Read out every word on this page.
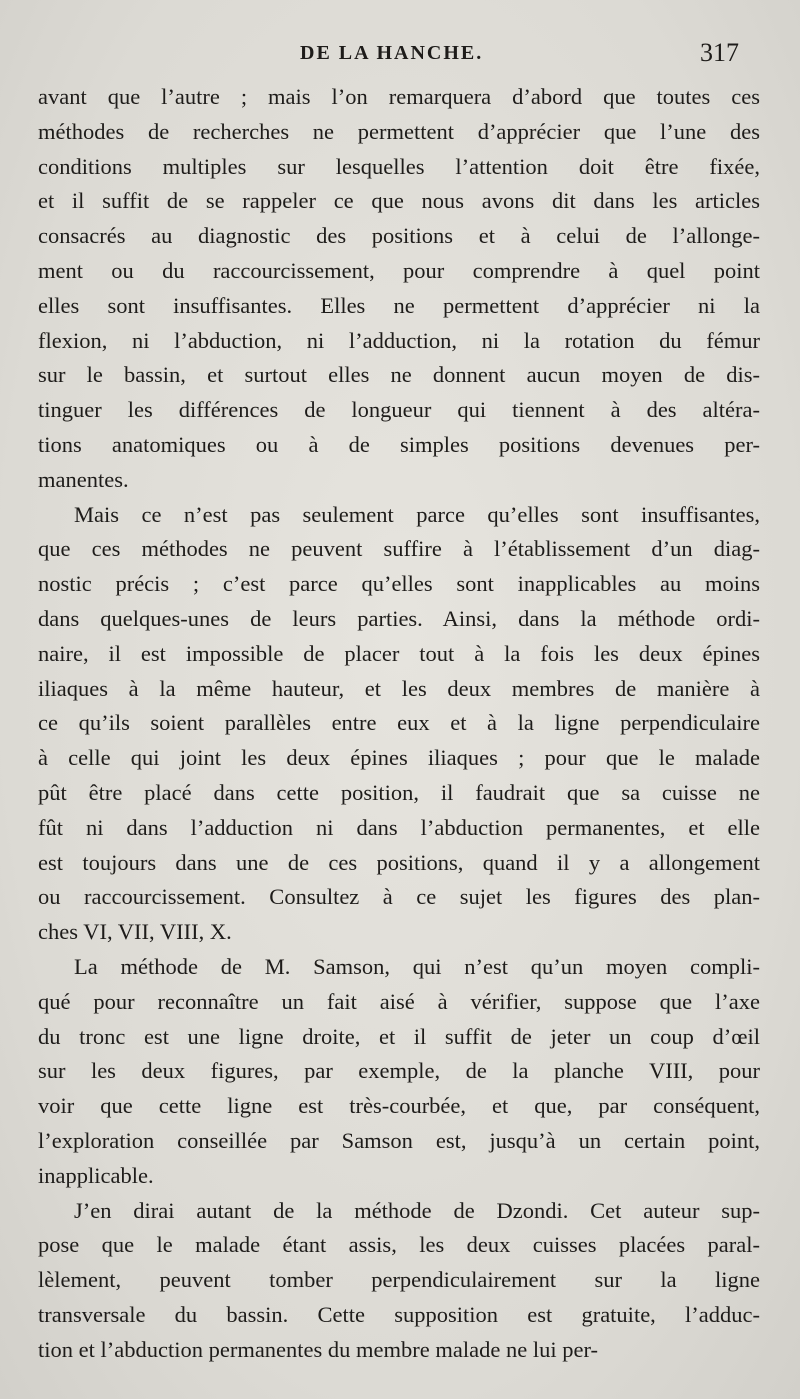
DE LA HANCHE.	317
avant que l’autre ; mais l’on remarquera d’abord que toutes ces
méthodes de recherches ne permettent d’apprécier que l’une des
conditions multiples sur lesquelles l’attention doit être fixée,
et il suffit de se rappeler ce que nous avons dit dans les articles
consacrés au diagnostic des positions et à celui de l’allonge-
ment ou du raccourcissement, pour comprendre à quel point
elles sont insuffisantes. Elles ne permettent d’apprécier ni la
flexion, ni l’abduction, ni l’adduction, ni la rotation du fémur
sur le bassin, et surtout elles ne donnent aucun moyen de dis-
tinguer les différences de longueur qui tiennent à des altéra-
tions anatomiques ou à de simples positions devenues per-
manentes.
Mais ce n’est pas seulement parce qu’elles sont insuffisantes,
que ces méthodes ne peuvent suffire à l’établissement d’un diag-
nostic précis ; c’est parce qu’elles sont inapplicables au moins
dans quelques-unes de leurs parties. Ainsi, dans la méthode ordi-
naire, il est impossible de placer tout à la fois les deux épines
iliaques à la même hauteur, et les deux membres de manière à
ce qu’ils soient parallèles entre eux et à la ligne perpendiculaire
à celle qui joint les deux épines iliaques ; pour que le malade
pût être placé dans cette position, il faudrait que sa cuisse ne
fût ni dans l’adduction ni dans l’abduction permanentes, et elle
est toujours dans une de ces positions, quand il y a allongement
ou raccourcissement. Consultez à ce sujet les figures des plan-
ches VI, VII, VIII, X.
La méthode de M. Samson, qui n’est qu’un moyen compli-
qué pour reconnaître un fait aisé à vérifier, suppose que l’axe
du tronc est une ligne droite, et il suffit de jeter un coup d’œil
sur les deux figures, par exemple, de la planche VIII, pour
voir que cette ligne est très-courbée, et que, par conséquent,
l’exploration conseillée par Samson est, jusqu’à un certain point,
inapplicable.
J’en dirai autant de la méthode de Dzondi. Cet auteur sup-
pose que le malade étant assis, les deux cuisses placées paral-
lèlement, peuvent tomber perpendiculairement sur la ligne
transversale du bassin. Cette supposition est gratuite, l’adduc-
tion et l’abduction permanentes du membre malade ne lui per-
